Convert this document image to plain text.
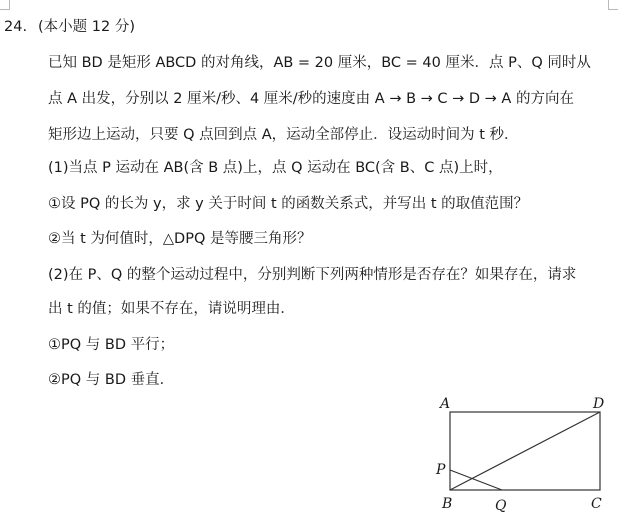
24. (本小题 12 分)
已知 BD 是矩形 ABCD 的对角线，AB = 20 厘米，BC = 40 厘米．点 P、Q 同时从
点 A 出发，分别以 2 厘米/秒、4 厘米/秒的速度由 A → B → C → D → A 的方向在
矩形边上运动，只要 Q 点回到点 A，运动全部停止．设运动时间为 t 秒．
(1)当点 P 运动在 AB(含 B 点)上，点 Q 运动在 BC(含 B、C 点)上时，
①设 PQ 的长为 y，求 y 关于时间 t 的函数关系式，并写出 t 的取值范围？
②当 t 为何值时，△DPQ 是等腰三角形？
(2)在 P、Q 的整个运动过程中，分别判断下列两种情形是否存在？如果存在，请求
出 t 的值；如果不存在，请说明理由．
①PQ 与 BD 平行；
②PQ 与 BD 垂直．
A	D
P
B	Q	C
